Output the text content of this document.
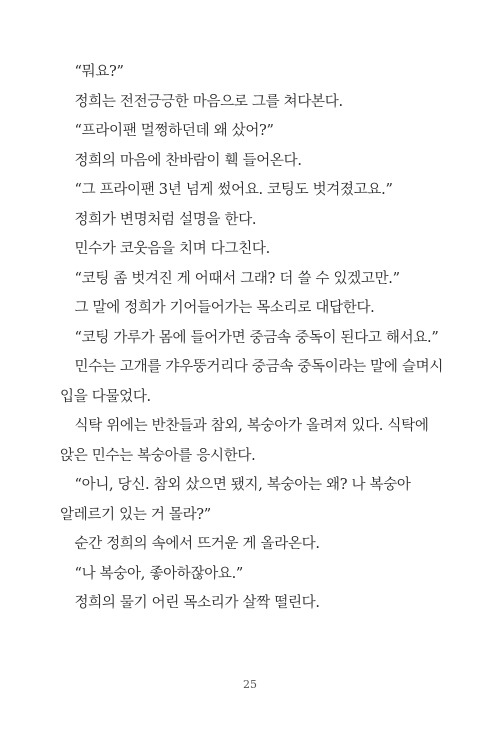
“뭐요?”

정희는 전전긍긍한 마음으로 그를 쳐다본다.

“프라이팬 멀쩡하던데 왜 샀어?”

정희의 마음에 찬바람이 훽 들어온다.

“그 프라이팬 3년 넘게 썼어요. 코팅도 벗겨졌고요.”

정희가 변명처럼 설명을 한다.

민수가 코웃음을 치며 다그친다.

“코팅 좀 벗겨진 게 어때서 그래? 더 쓸 수 있겠고만.”

그 말에 정희가 기어들어가는 목소리로 대답한다.

“코팅 가루가 몸에 들어가면 중금속 중독이 된다고 해서요.”

민수는 고개를 갸우뚱거리다 중금속 중독이라는 말에 슬며시 입을 다물었다.

식탁 위에는 반찬들과 참외, 복숭아가 올려져 있다. 식탁에 앉은 민수는 복숭아를 응시한다.

“아니, 당신. 참외 샀으면 됐지, 복숭아는 왜? 나 복숭아 알레르기 있는 거 몰라?”

순간 정희의 속에서 뜨거운 게 올라온다.

“나 복숭아, 좋아하잖아요.”

정희의 물기 어린 목소리가 살짝 떨린다.

25
